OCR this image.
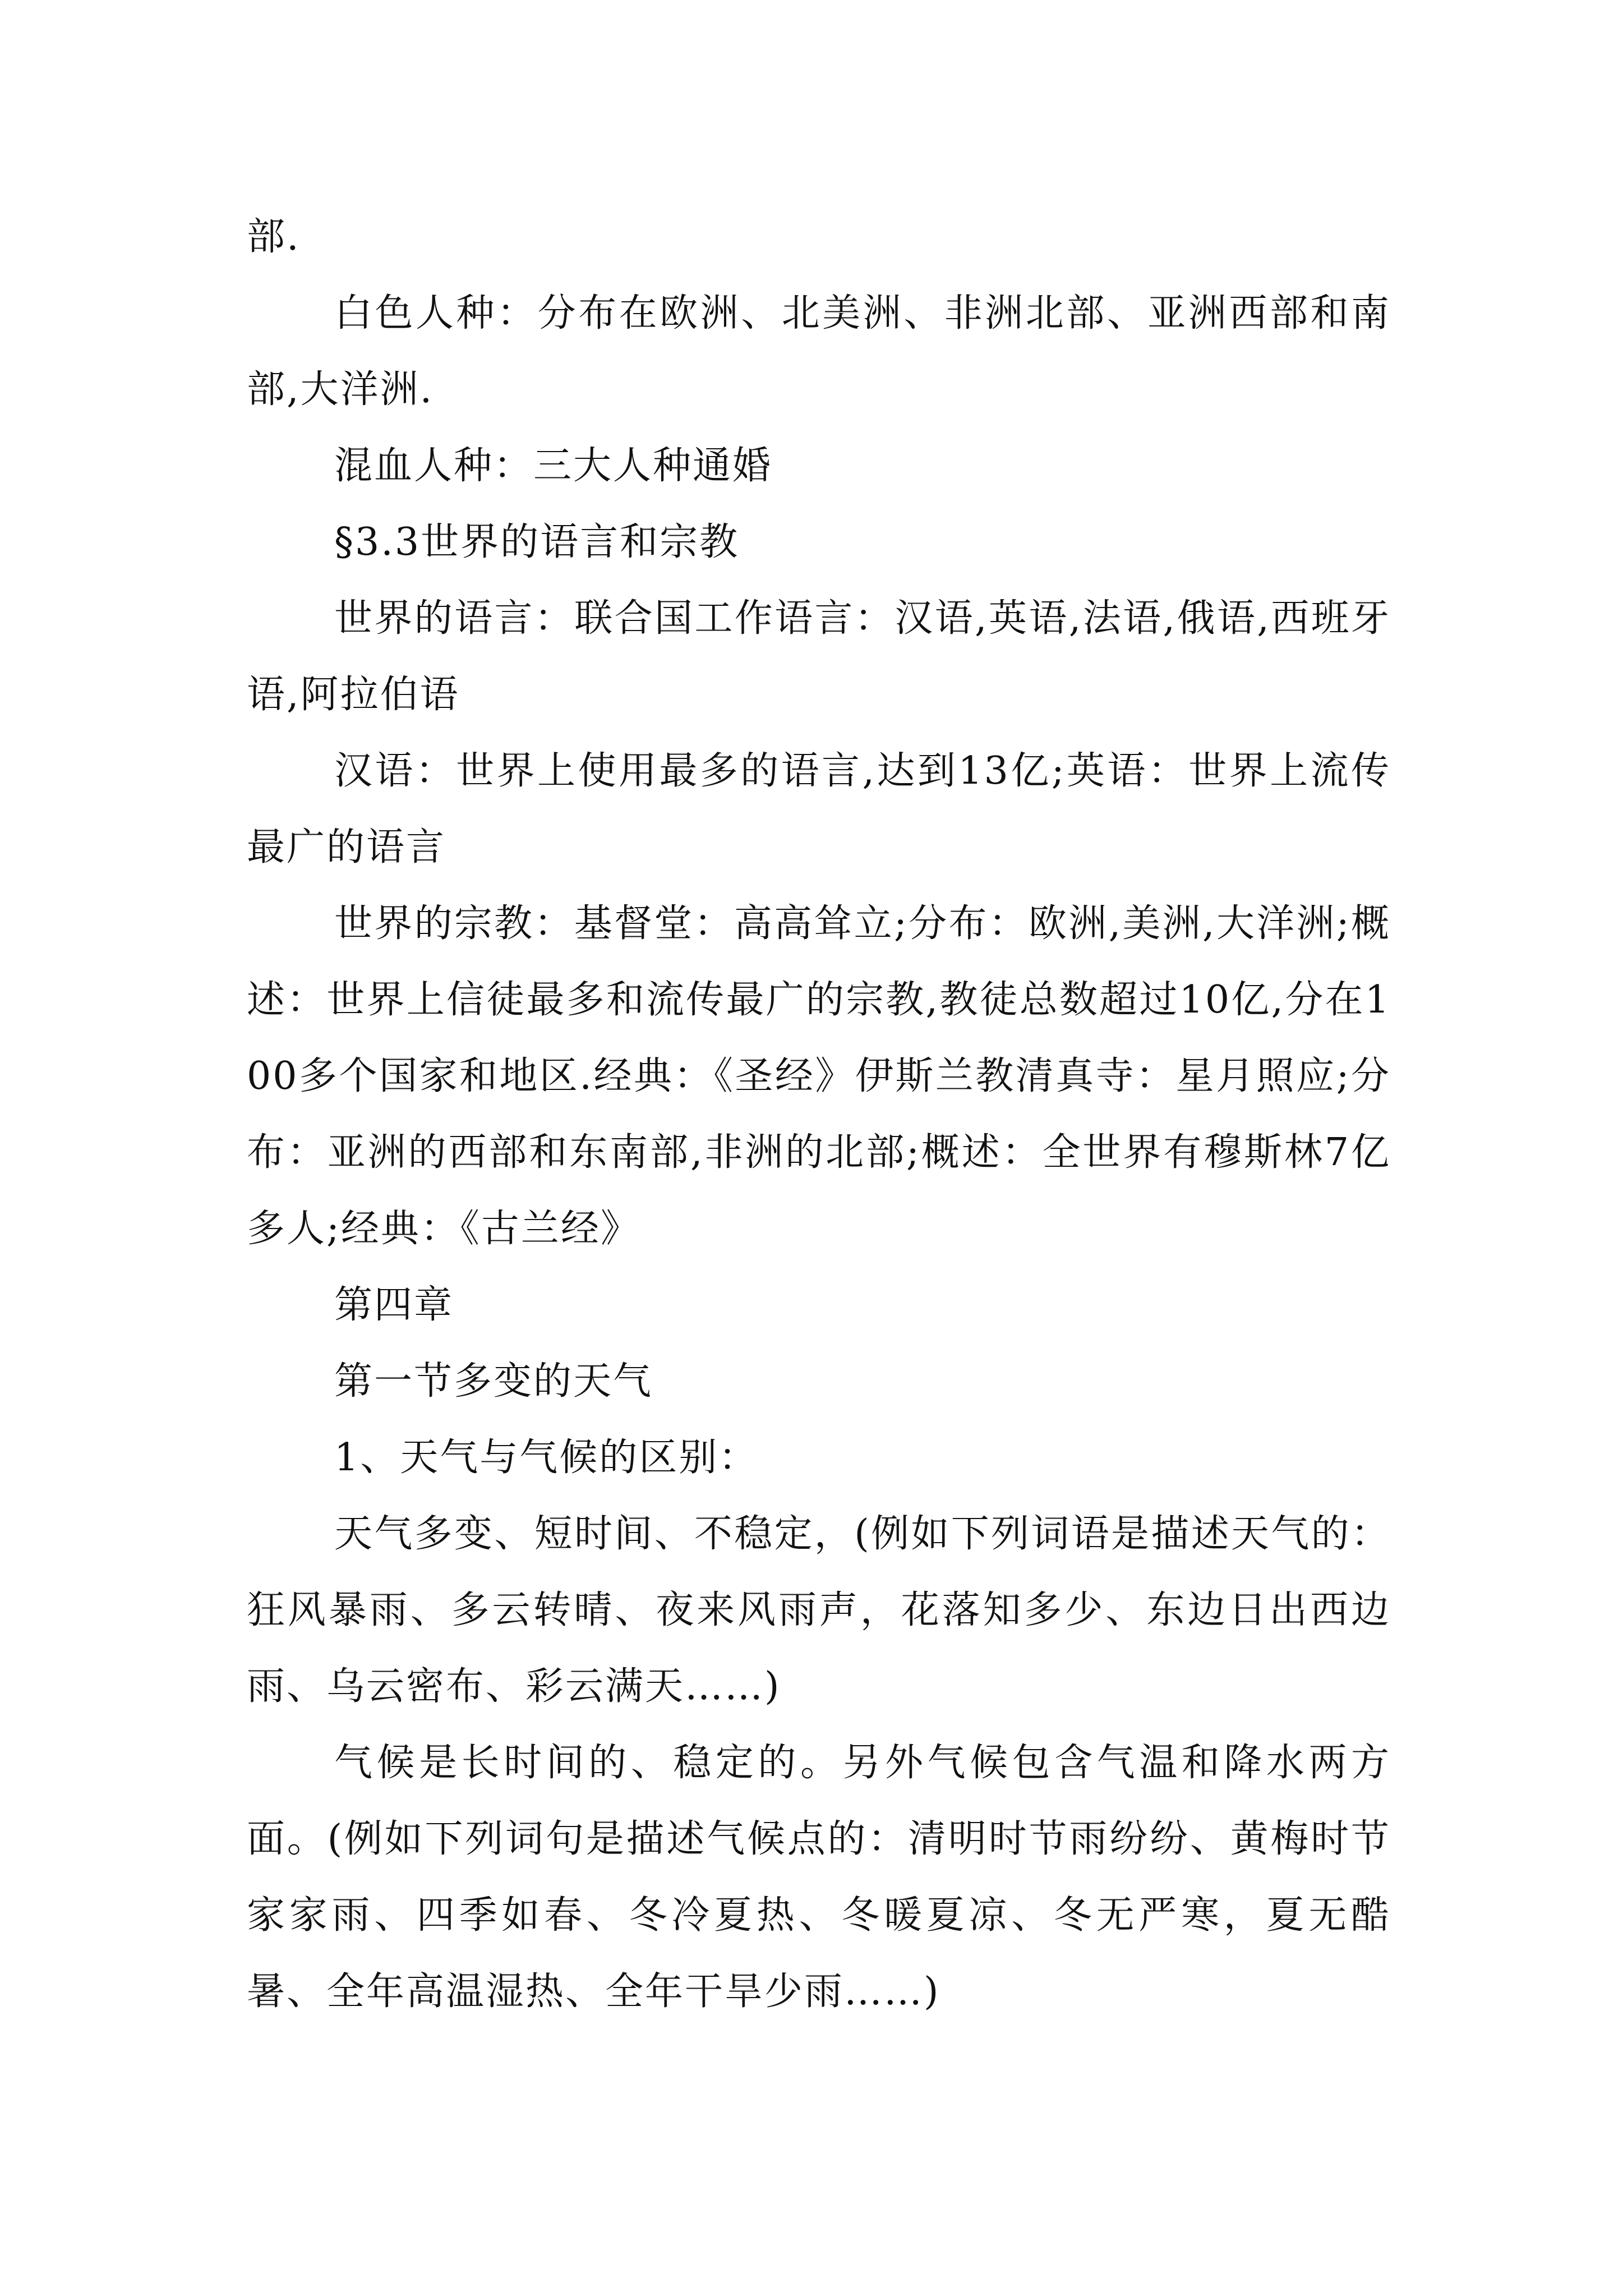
部.

白色人种：分布在欧洲、北美洲、非洲北部、亚洲西部和南部,大洋洲.

混血人种：三大人种通婚

§3.3世界的语言和宗教

世界的语言：联合国工作语言：汉语,英语,法语,俄语,西班牙语,阿拉伯语

汉语：世界上使用最多的语言,达到13亿;英语：世界上流传最广的语言

世界的宗教：基督堂：高高耸立;分布：欧洲,美洲,大洋洲;概述：世界上信徒最多和流传最广的宗教,教徒总数超过10亿,分在100多个国家和地区.经典：《圣经》伊斯兰教清真寺：星月照应;分布：亚洲的西部和东南部,非洲的北部;概述：全世界有穆斯林7亿多人;经典：《古兰经》

第四章

第一节多变的天气

1、天气与气候的区别：

天气多变、短时间、不稳定，(例如下列词语是描述天气的：狂风暴雨、多云转晴、夜来风雨声，花落知多少、东边日出西边雨、乌云密布、彩云满天……)

气候是长时间的、稳定的。另外气候包含气温和降水两方面。(例如下列词句是描述气候点的：清明时节雨纷纷、黄梅时节家家雨、四季如春、冬冷夏热、冬暖夏凉、冬无严寒，夏无酷暑、全年高温湿热、全年干旱少雨……)
